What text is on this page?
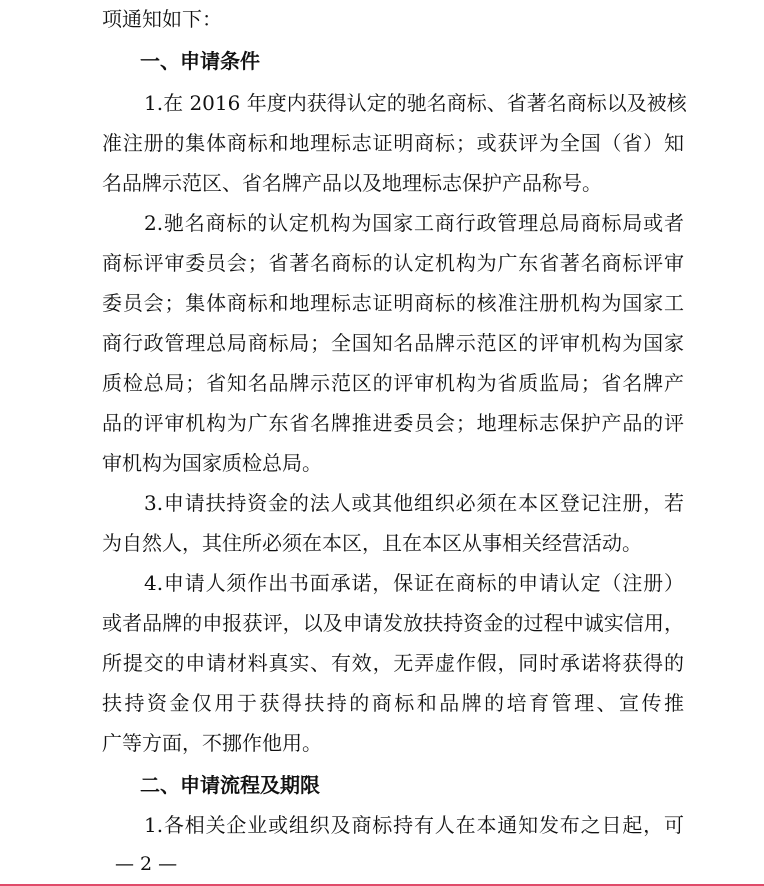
项通知如下：
一、申请条件
1.在 2016 年度内获得认定的驰名商标、省著名商标以及被核
准注册的集体商标和地理标志证明商标；或获评为全国（省）知
名品牌示范区、省名牌产品以及地理标志保护产品称号。
2.驰名商标的认定机构为国家工商行政管理总局商标局或者
商标评审委员会；省著名商标的认定机构为广东省著名商标评审
委员会；集体商标和地理标志证明商标的核准注册机构为国家工
商行政管理总局商标局；全国知名品牌示范区的评审机构为国家
质检总局；省知名品牌示范区的评审机构为省质监局；省名牌产
品的评审机构为广东省名牌推进委员会；地理标志保护产品的评
审机构为国家质检总局。
3.申请扶持资金的法人或其他组织必须在本区登记注册，若
为自然人，其住所必须在本区，且在本区从事相关经营活动。
4.申请人须作出书面承诺，保证在商标的申请认定（注册）
或者品牌的申报获评，以及申请发放扶持资金的过程中诚实信用，
所提交的申请材料真实、有效，无弄虚作假，同时承诺将获得的
扶持资金仅用于获得扶持的商标和品牌的培育管理、宣传推
广等方面，不挪作他用。
二、申请流程及期限
1.各相关企业或组织及商标持有人在本通知发布之日起，可
— 2 —
